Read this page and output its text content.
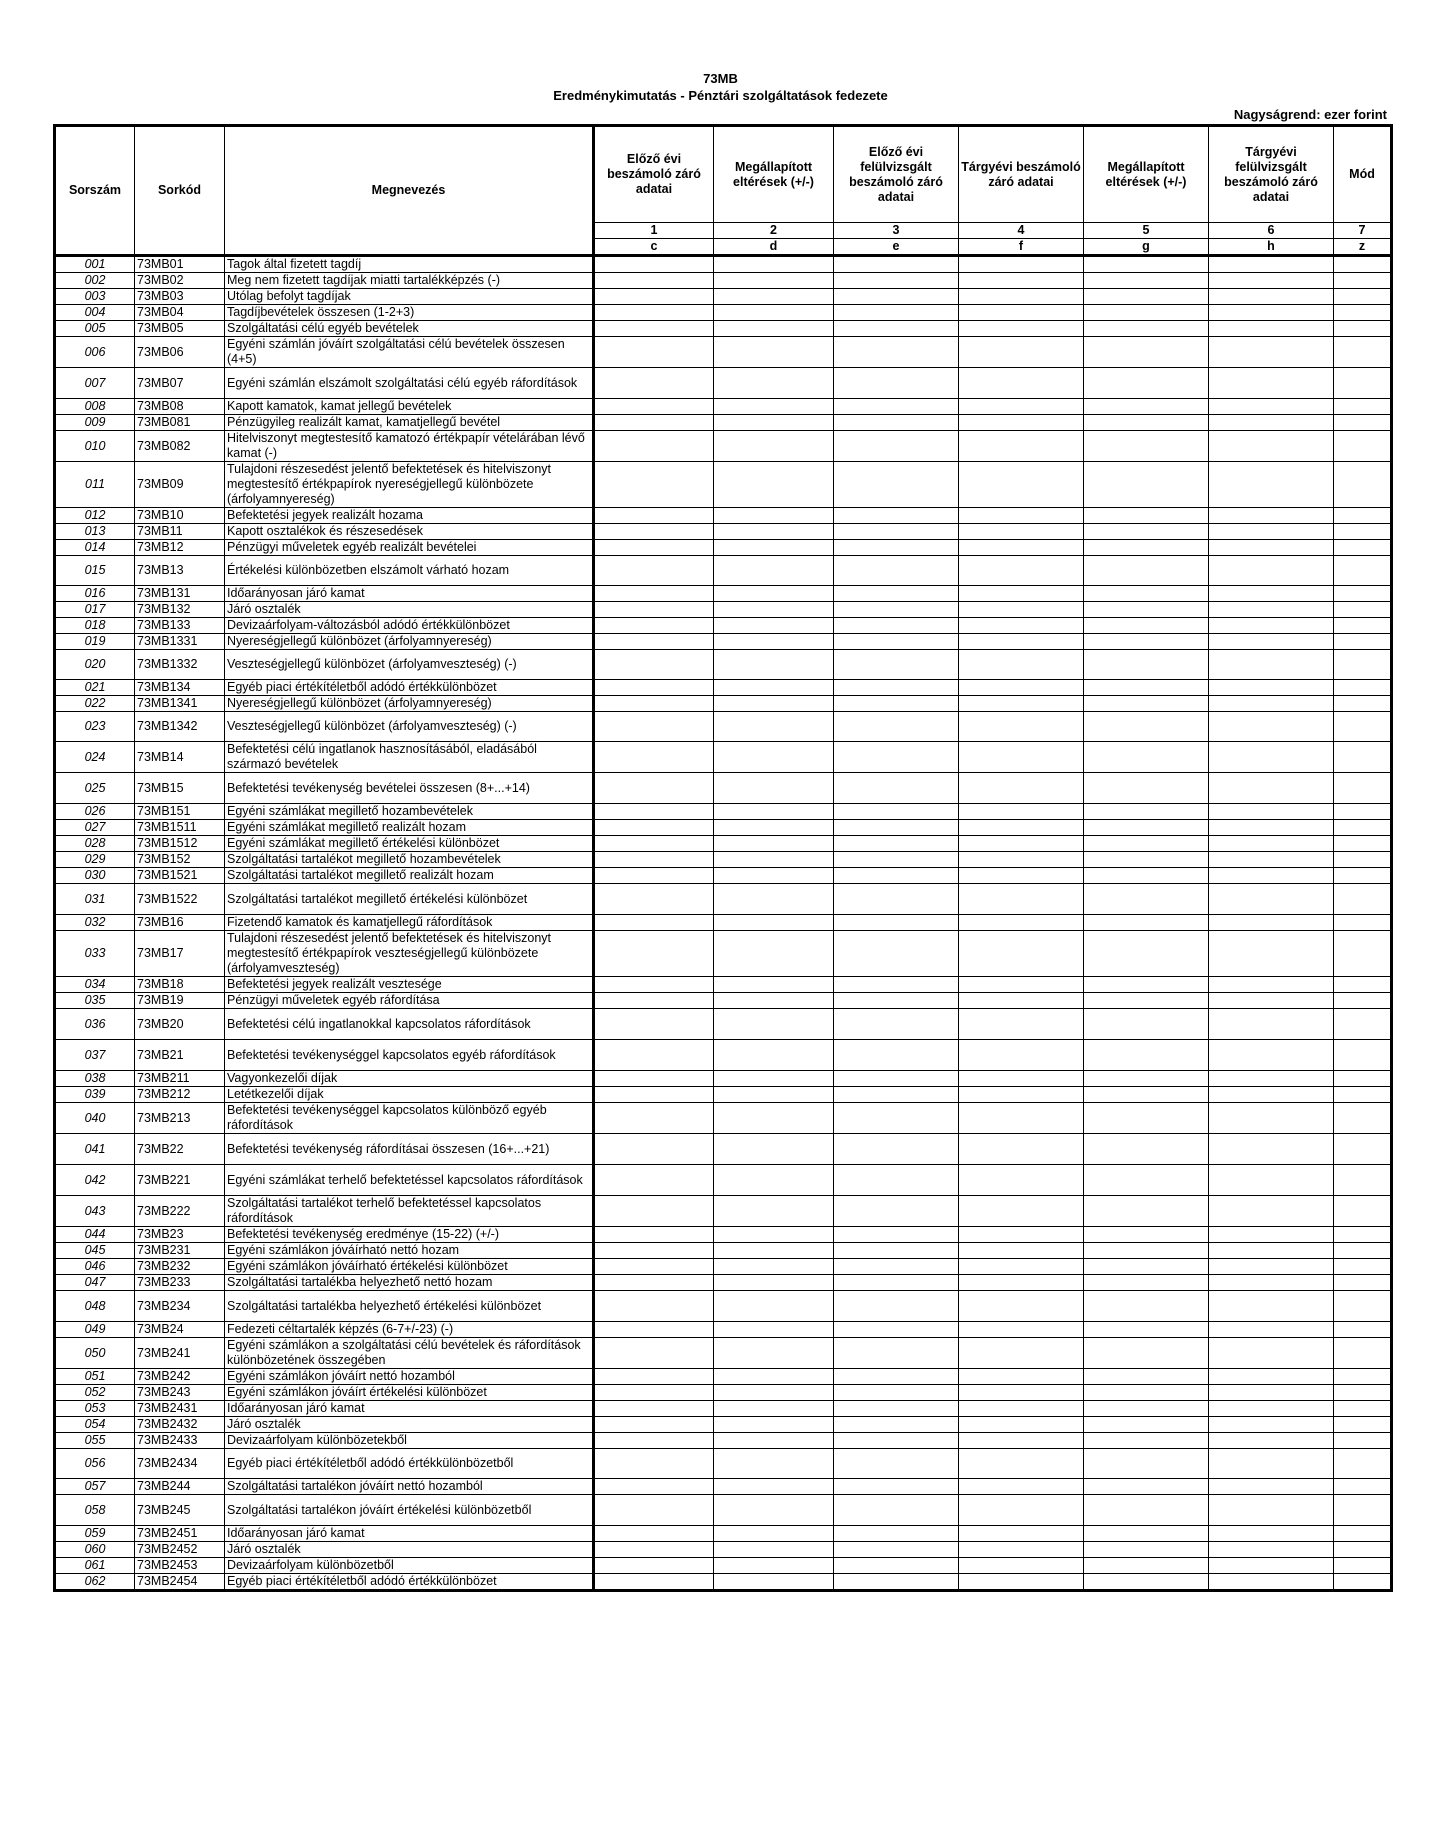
73MB
Eredménykimutatás - Pénztári szolgáltatások fedezete
Nagyságrend: ezer forint
Sorszám	Sorkód	Megnevezés	Előző évi beszámoló záró adatai	Megállapított eltérések (+/-)	Előző évi felülvizsgált beszámoló záró adatai	Tárgyévi beszámoló záró adatai	Megállapított eltérések (+/-)	Tárgyévi felülvizsgált beszámoló záró adatai	Mód
			1	2	3	4	5	6	7
			c	d	e	f	g	h	z
001	73MB01	Tagok által fizetett tagdíj							
002	73MB02	Meg nem fizetett tagdíjak miatti tartalékképzés (-)							
003	73MB03	Utólag befolyt tagdíjak							
004	73MB04	Tagdíjbevételek összesen (1-2+3)							
005	73MB05	Szolgáltatási célú egyéb bevételek							
006	73MB06	Egyéni számlán jóváírt szolgáltatási célú bevételek összesen (4+5)							
007	73MB07	Egyéni számlán elszámolt szolgáltatási célú egyéb ráfordítások							
008	73MB08	Kapott kamatok, kamat jellegű bevételek							
009	73MB081	Pénzügyileg realizált kamat, kamatjellegű bevétel							
010	73MB082	Hitelviszonyt megtestesítő kamatozó értékpapír vételárában lévő kamat (-)							
011	73MB09	Tulajdoni részesedést jelentő befektetések és hitelviszonyt megtestesítő értékpapírok nyereségjellegű különbözete (árfolyamnyereség)							
012	73MB10	Befektetési jegyek realizált hozama							
013	73MB11	Kapott osztalékok és részesedések							
014	73MB12	Pénzügyi műveletek egyéb realizált bevételei							
015	73MB13	Értékelési különbözetben elszámolt várható hozam							
016	73MB131	Időarányosan járó kamat							
017	73MB132	Járó osztalék							
018	73MB133	Devizaárfolyam-változásból adódó értékkülönbözet							
019	73MB1331	Nyereségjellegű különbözet (árfolyamnyereség)							
020	73MB1332	Veszteségjellegű különbözet (árfolyamveszteség) (-)							
021	73MB134	Egyéb piaci értékítéletből adódó értékkülönbözet							
022	73MB1341	Nyereségjellegű különbözet (árfolyamnyereség)							
023	73MB1342	Veszteségjellegű különbözet (árfolyamveszteség) (-)							
024	73MB14	Befektetési célú ingatlanok hasznosításából, eladásából származó bevételek							
025	73MB15	Befektetési tevékenység bevételei összesen (8+...+14)							
026	73MB151	Egyéni számlákat megillető hozambevételek							
027	73MB1511	Egyéni számlákat megillető realizált hozam							
028	73MB1512	Egyéni számlákat megillető értékelési különbözet							
029	73MB152	Szolgáltatási tartalékot megillető hozambevételek							
030	73MB1521	Szolgáltatási tartalékot megillető realizált hozam							
031	73MB1522	Szolgáltatási tartalékot megillető értékelési különbözet							
032	73MB16	Fizetendő kamatok és kamatjellegű ráfordítások							
033	73MB17	Tulajdoni részesedést jelentő befektetések és hitelviszonyt megtestesítő értékpapírok veszteségjellegű különbözete (árfolyamveszteség)							
034	73MB18	Befektetési jegyek realizált vesztesége							
035	73MB19	Pénzügyi műveletek egyéb ráfordítása							
036	73MB20	Befektetési célú ingatlanokkal kapcsolatos ráfordítások							
037	73MB21	Befektetési tevékenységgel kapcsolatos egyéb ráfordítások							
038	73MB211	Vagyonkezelői díjak							
039	73MB212	Letétkezelői díjak							
040	73MB213	Befektetési tevékenységgel kapcsolatos különböző egyéb ráfordítások							
041	73MB22	Befektetési tevékenység ráfordításai összesen (16+...+21)							
042	73MB221	Egyéni számlákat terhelő befektetéssel kapcsolatos ráfordítások							
043	73MB222	Szolgáltatási tartalékot terhelő befektetéssel kapcsolatos ráfordítások							
044	73MB23	Befektetési tevékenység eredménye (15-22) (+/-)							
045	73MB231	Egyéni számlákon jóváírható nettó hozam							
046	73MB232	Egyéni számlákon jóváírható értékelési különbözet							
047	73MB233	Szolgáltatási tartalékba helyezhető nettó hozam							
048	73MB234	Szolgáltatási tartalékba helyezhető értékelési különbözet							
049	73MB24	Fedezeti céltartalék képzés (6-7+/-23) (-)							
050	73MB241	Egyéni számlákon a szolgáltatási célú bevételek és ráfordítások különbözetének összegében							
051	73MB242	Egyéni számlákon jóváírt nettó hozamból							
052	73MB243	Egyéni számlákon jóváírt értékelési különbözet							
053	73MB2431	Időarányosan járó kamat							
054	73MB2432	Járó osztalék							
055	73MB2433	Devizaárfolyam különbözetekből							
056	73MB2434	Egyéb piaci értékítéletből adódó értékkülönbözetből							
057	73MB244	Szolgáltatási tartalékon jóváírt nettó hozamból							
058	73MB245	Szolgáltatási tartalékon jóváírt értékelési különbözetből							
059	73MB2451	Időarányosan járó kamat							
060	73MB2452	Járó osztalék							
061	73MB2453	Devizaárfolyam különbözetből							
062	73MB2454	Egyéb piaci értékítéletből adódó értékkülönbözet							
